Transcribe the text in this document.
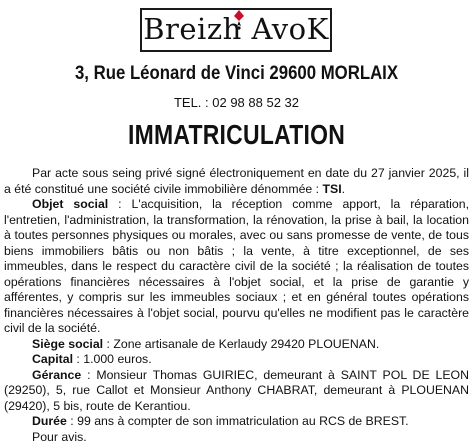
Breizh AvoK
3, Rue Léonard de Vinci 29600 MORLAIX
TEL. : 02 98 88 52 32
IMMATRICULATION

Par acte sous seing privé signé électroniquement en date du 27 janvier 2025, il a été constitué une société civile immobilière dénommée : TSI.

Objet social : L'acquisition, la réception comme apport, la réparation, l'entretien, l'administration, la transformation, la rénovation, la prise à bail, la location à toutes personnes physiques ou morales, avec ou sans promesse de vente, de tous biens immobiliers bâtis ou non bâtis ; la vente, à titre exceptionnel, de ses immeubles, dans le respect du caractère civil de la société ; la réalisation de toutes opérations financières nécessaires à l'objet social, et la prise de garantie y afférentes, y compris sur les immeubles sociaux ; et en général toutes opérations financières nécessaires à l'objet social, pourvu qu'elles ne modifient pas le caractère civil de la société.

Siège social : Zone artisanale de Kerlaudy 29420 PLOUENAN.

Capital : 1.000 euros.

Gérance : Monsieur Thomas GUIRIEC, demeurant à SAINT POL DE LEON (29250), 5, rue Callot et Monsieur Anthony CHABRAT, demeurant à PLOUENAN (29420), 5 bis, route de Kerantiou.

Durée : 99 ans à compter de son immatriculation au RCS de BREST.

Pour avis.
